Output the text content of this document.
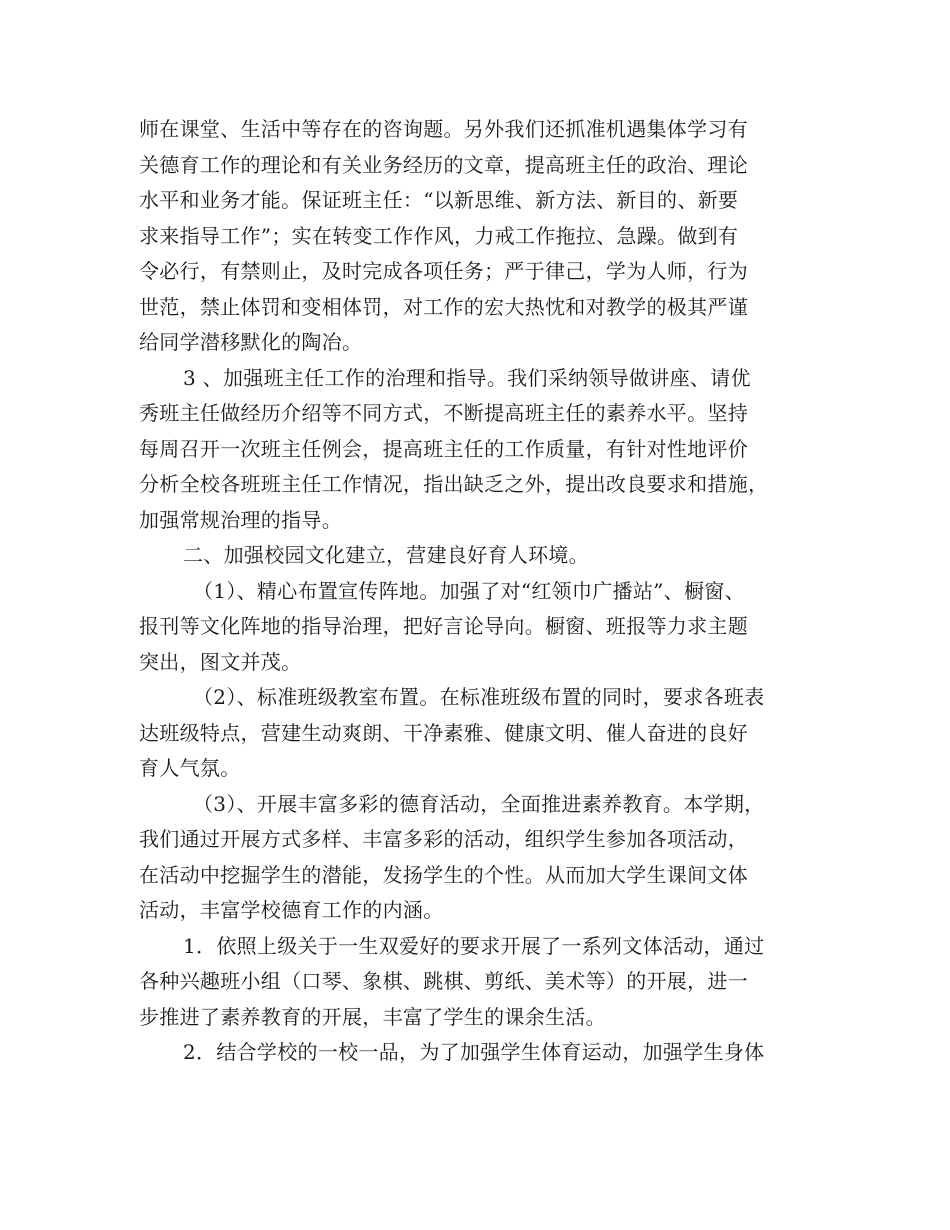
师在课堂、生活中等存在的咨询题。另外我们还抓准机遇集体学习有
关德育工作的理论和有关业务经历的文章，提高班主任的政治、理论
水平和业务才能。保证班主任：“以新思维、新方法、新目的、新要
求来指导工作”；实在转变工作作风，力戒工作拖拉、急躁。做到有
令必行，有禁则止，及时完成各项任务；严于律己，学为人师，行为
世范，禁止体罚和变相体罚，对工作的宏大热忱和对教学的极其严谨
给同学潜移默化的陶冶。
3 、加强班主任工作的治理和指导。我们采纳领导做讲座、请优
秀班主任做经历介绍等不同方式，不断提高班主任的素养水平。坚持
每周召开一次班主任例会，提高班主任的工作质量，有针对性地评价
分析全校各班班主任工作情况，指出缺乏之外，提出改良要求和措施，
加强常规治理的指导。
二、加强校园文化建立，营建良好育人环境。
（1）、精心布置宣传阵地。加强了对“红领巾广播站”、橱窗、
报刊等文化阵地的指导治理，把好言论导向。橱窗、班报等力求主题
突出，图文并茂。
（2）、标准班级教室布置。在标准班级布置的同时，要求各班表
达班级特点，营建生动爽朗、干净素雅、健康文明、催人奋进的良好
育人气氛。
（3）、开展丰富多彩的德育活动，全面推进素养教育。本学期，
我们通过开展方式多样、丰富多彩的活动，组织学生参加各项活动，
在活动中挖掘学生的潜能，发扬学生的个性。从而加大学生课间文体
活动，丰富学校德育工作的内涵。
1．依照上级关于一生双爱好的要求开展了一系列文体活动，通过
各种兴趣班小组（口琴、象棋、跳棋、剪纸、美术等）的开展，进一
步推进了素养教育的开展，丰富了学生的课余生活。
2．结合学校的一校一品，为了加强学生体育运动，加强学生身体
